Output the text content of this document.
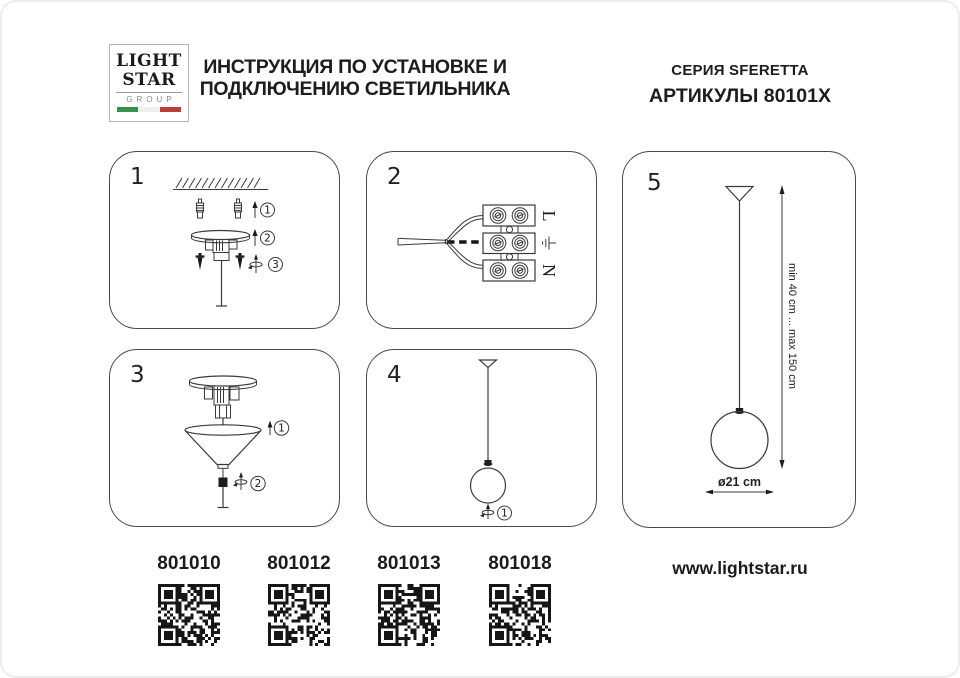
LIGHT
STAR
GROUP
ИНСТРУКЦИЯ ПО УСТАНОВКЕ И
ПОДКЛЮЧЕНИЮ СВЕТИЛЬНИКА
СЕРИЯ SFERETTA
АРТИКУЛЫ 80101X
1
1
2
3
2
L
N
3
1
2
4
1
5
min 40 cm ... max 150 cm
ø21 cm
801010	801012	801013	801018	www.lightstar.ru
